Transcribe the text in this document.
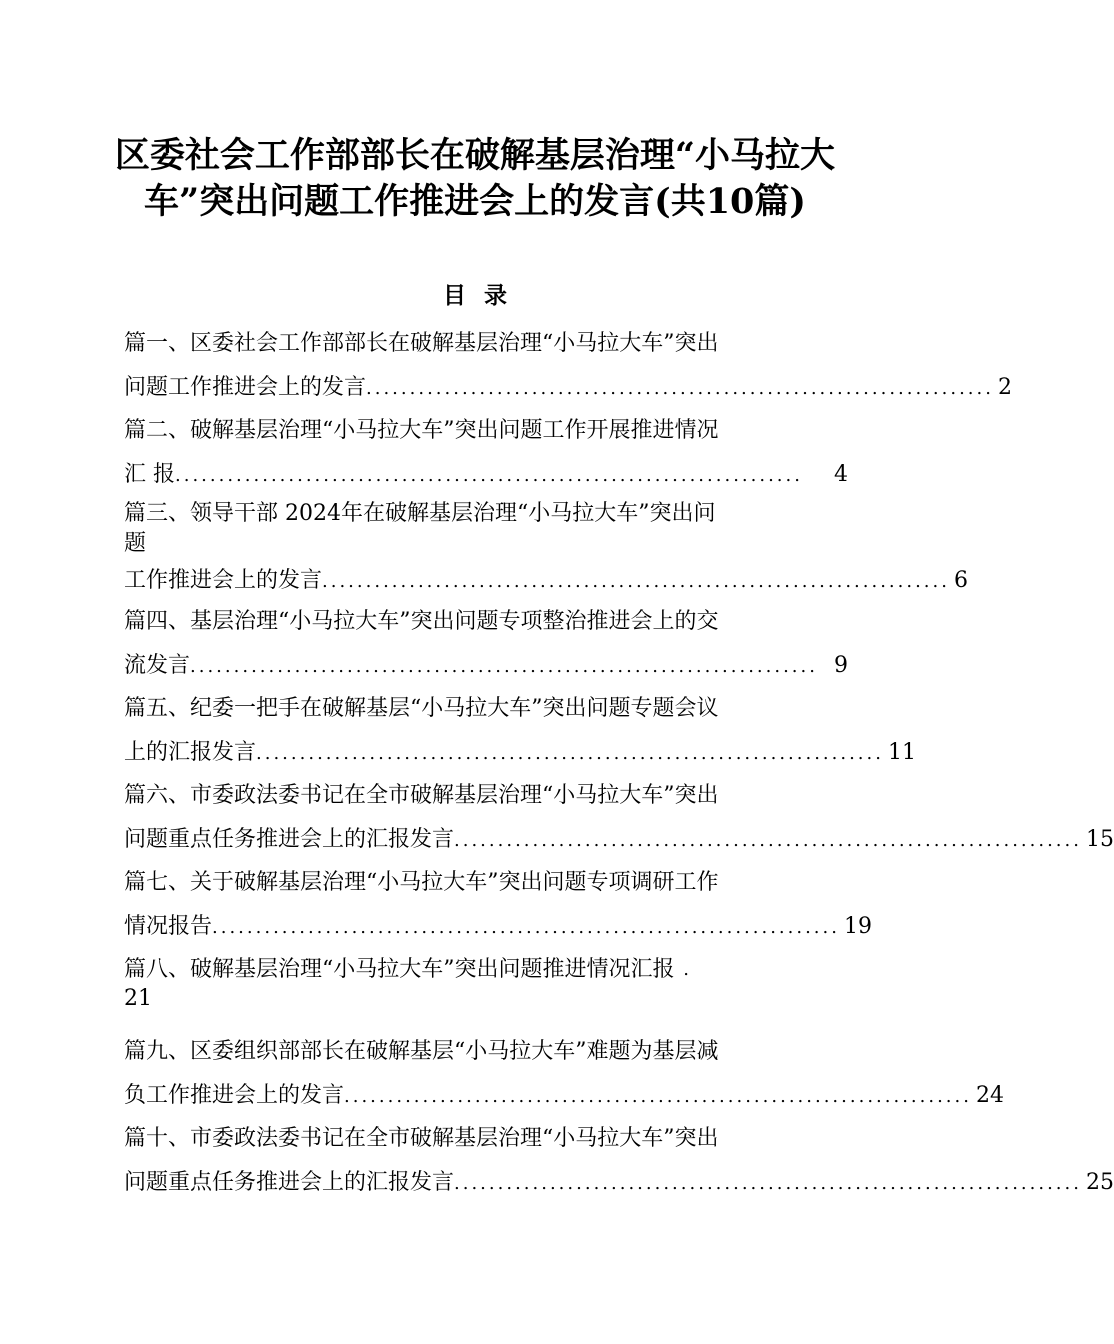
区委社会工作部部长在破解基层治理“小马拉大
车”突出问题工作推进会上的发言(共10篇)
目录
篇一、区委社会工作部部长在破解基层治理“小马拉大车”突出
问题工作推进会上的发言 ........................................................................ 2
篇二、破解基层治理“小马拉大车”突出问题工作开展推进情况
汇 报 ........................................................................	4
篇三、领导干部 2024年在破解基层治理“小马拉大车”突出问
题
工作推进会上的发言 ........................................................................ 6
篇四、基层治理“小马拉大车”突出问题专项整治推进会上的交
流发言 ........................................................................ 9
篇五、纪委一把手在破解基层“小马拉大车”突出问题专题会议
上的汇报发言 ........................................................................ 11
篇六、市委政法委书记在全市破解基层治理“小马拉大车”突出
问题重点任务推进会上的汇报发言 ........................................................................ 15
篇七、关于破解基层治理“小马拉大车”突出问题专项调研工作
情况报告 ........................................................................ 19
篇八、破解基层治理“小马拉大车”突出问题推进情况汇报 .
21
篇九、区委组织部部长在破解基层“小马拉大车”难题为基层减
负工作推进会上的发言 ........................................................................ 24
篇十、市委政法委书记在全市破解基层治理“小马拉大车”突出
问题重点任务推进会上的汇报发言 ........................................................................ 25
